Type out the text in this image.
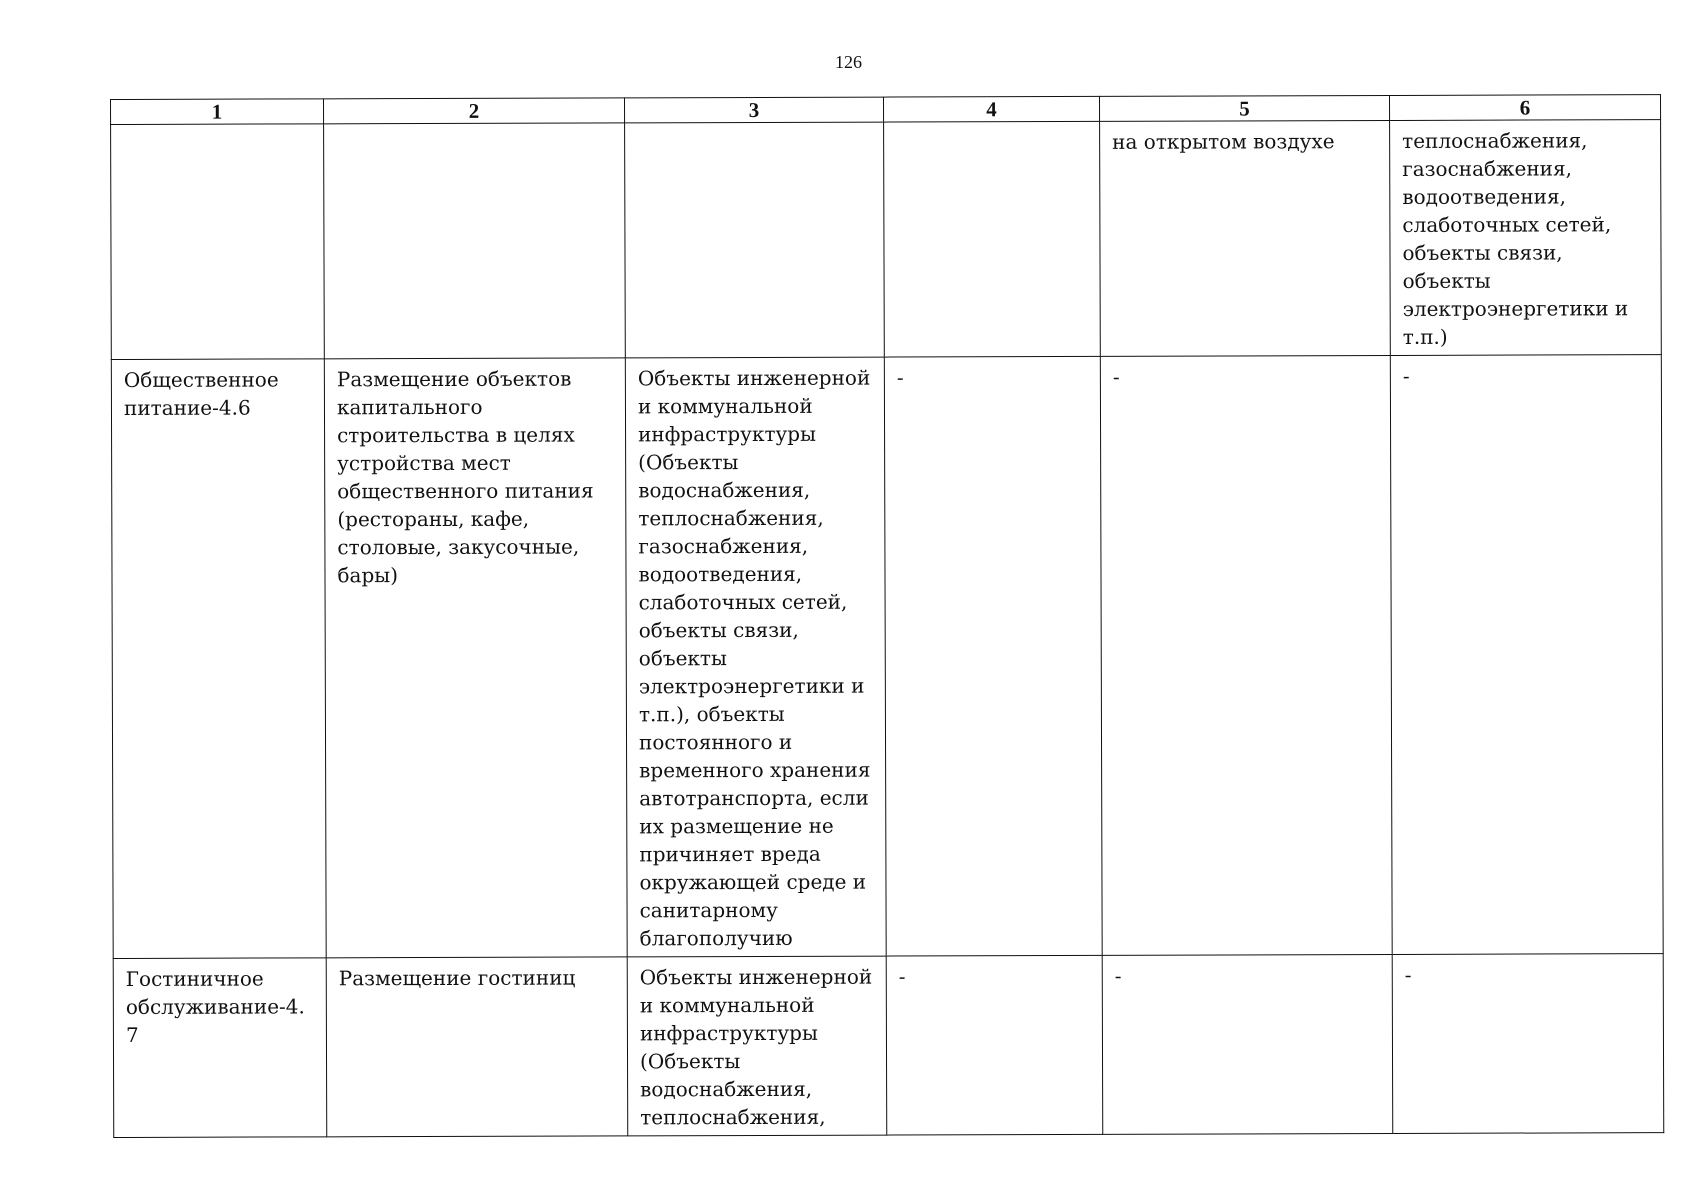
126
1	2	3	4	5	6
				на открытом воздухе	теплоснабжения, газоснабжения, водоотведения, слаботочных сетей, объекты связи, объекты электроэнергетики и т.п.)
Общественное питание-4.6	Размещение объектов капитального строительства в целях устройства мест общественного питания (рестораны, кафе, столовые, закусочные, бары)	Объекты инженерной и коммунальной инфраструктуры (Объекты водоснабжения, теплоснабжения, газоснабжения, водоотведения, слаботочных сетей, объекты связи, объекты электроэнергетики и т.п.), объекты постоянного и временного хранения автотранспорта, если их размещение не причиняет вреда окружающей среде и санитарному благополучию	-	-	-
Гостиничное обслуживание-4.7	Размещение гостиниц	Объекты инженерной и коммунальной инфраструктуры (Объекты водоснабжения, теплоснабжения,	-	-	-
